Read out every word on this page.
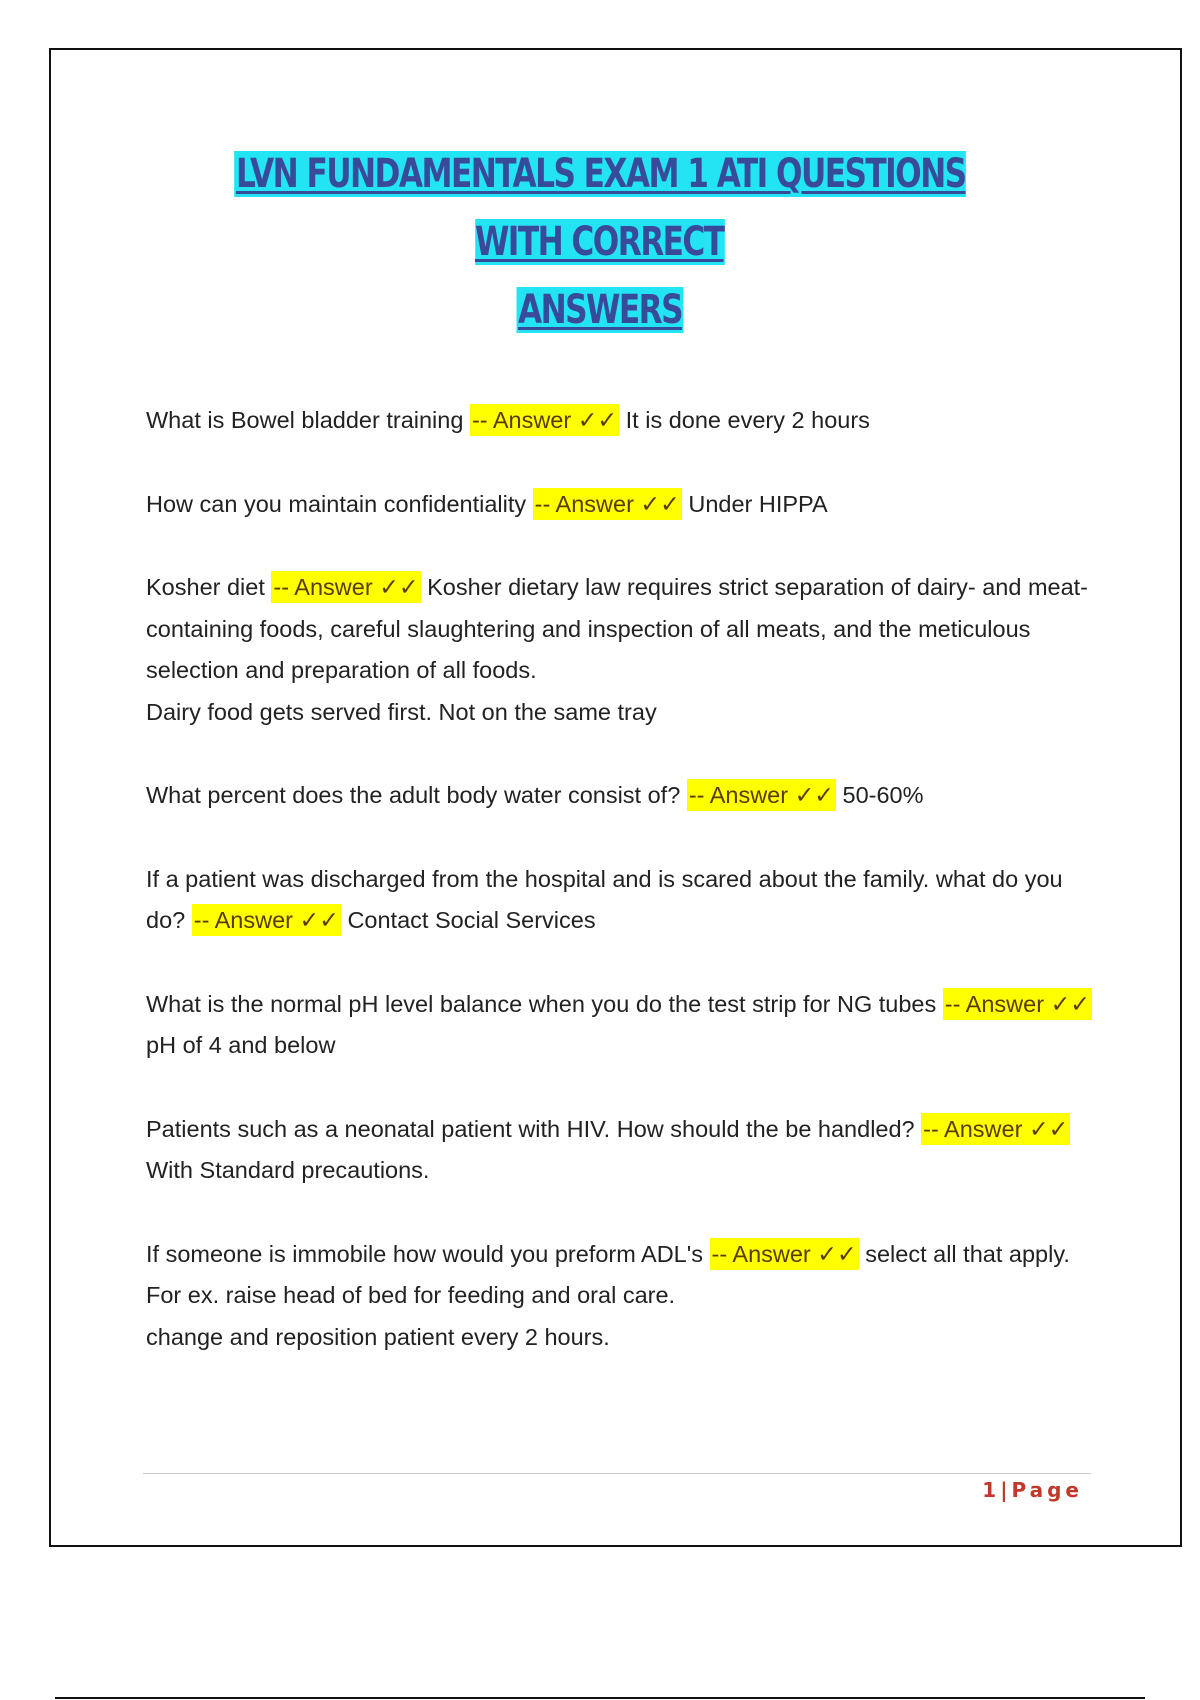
LVN FUNDAMENTALS EXAM 1 ATI QUESTIONS WITH CORRECT
ANSWERS

What is Bowel bladder training -- Answer ✓✓ It is done every 2 hours

How can you maintain confidentiality -- Answer ✓✓ Under HIPPA

Kosher diet -- Answer ✓✓ Kosher dietary law requires strict separation of dairy- and meat-containing foods, careful slaughtering and inspection of all meats, and the meticulous selection and preparation of all foods.

Dairy food gets served first. Not on the same tray

What percent does the adult body water consist of? -- Answer ✓✓ 50-60%

If a patient was discharged from the hospital and is scared about the family. what do you do? -- Answer ✓✓ Contact Social Services

What is the normal pH level balance when you do the test strip for NG tubes -- Answer ✓✓ pH of 4 and below

Patients such as a neonatal patient with HIV. How should the be handled? -- Answer ✓✓ With Standard precautions.

If someone is immobile how would you preform ADL's -- Answer ✓✓ select all that apply.

For ex. raise head of bed for feeding and oral care.

change and reposition patient every 2 hours.

1|Page
